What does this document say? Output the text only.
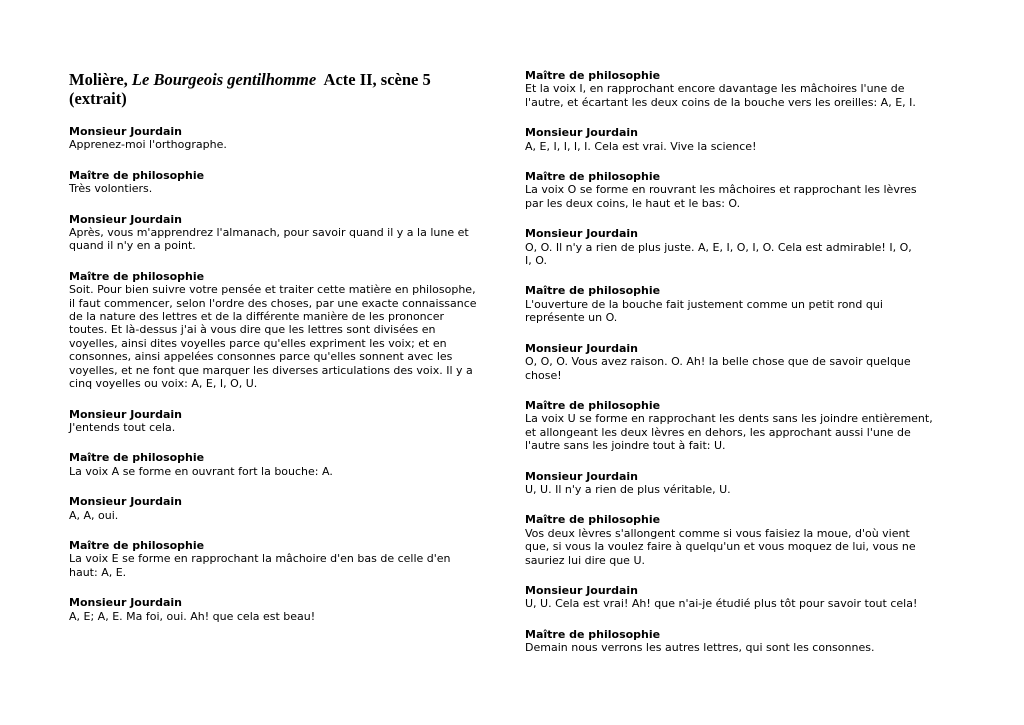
Molière, Le Bourgeois gentilhomme Acte II, scène 5
(extrait)
Monsieur Jourdain
Apprenez-moi l'orthographe.
Maître de philosophie
Très volontiers.
Monsieur Jourdain
Après, vous m'apprendrez l'almanach, pour savoir quand il y a la lune et
quand il n'y en a point.
Maître de philosophie
Soit. Pour bien suivre votre pensée et traiter cette matière en philosophe,
il faut commencer, selon l'ordre des choses, par une exacte connaissance
de la nature des lettres et de la différente manière de les prononcer
toutes. Et là-dessus j'ai à vous dire que les lettres sont divisées en
voyelles, ainsi dites voyelles parce qu'elles expriment les voix; et en
consonnes, ainsi appelées consonnes parce qu'elles sonnent avec les
voyelles, et ne font que marquer les diverses articulations des voix. Il y a
cinq voyelles ou voix: A, E, I, O, U.
Monsieur Jourdain
J'entends tout cela.
Maître de philosophie
La voix A se forme en ouvrant fort la bouche: A.
Monsieur Jourdain
A, A, oui.
Maître de philosophie
La voix E se forme en rapprochant la mâchoire d'en bas de celle d'en
haut: A, E.
Monsieur Jourdain
A, E; A, E. Ma foi, oui. Ah! que cela est beau!
Maître de philosophie
Et la voix I, en rapprochant encore davantage les mâchoires l'une de
l'autre, et écartant les deux coins de la bouche vers les oreilles: A, E, I.
Monsieur Jourdain
A, E, I, I, I, I. Cela est vrai. Vive la science!
Maître de philosophie
La voix O se forme en rouvrant les mâchoires et rapprochant les lèvres
par les deux coins, le haut et le bas: O.
Monsieur Jourdain
O, O. Il n'y a rien de plus juste. A, E, I, O, I, O. Cela est admirable! I, O,
I, O.
Maître de philosophie
L'ouverture de la bouche fait justement comme un petit rond qui
représente un O.
Monsieur Jourdain
O, O, O. Vous avez raison. O. Ah! la belle chose que de savoir quelque
chose!
Maître de philosophie
La voix U se forme en rapprochant les dents sans les joindre entièrement,
et allongeant les deux lèvres en dehors, les approchant aussi l'une de
l'autre sans les joindre tout à fait: U.
Monsieur Jourdain
U, U. Il n'y a rien de plus véritable, U.
Maître de philosophie
Vos deux lèvres s'allongent comme si vous faisiez la moue, d'où vient
que, si vous la voulez faire à quelqu'un et vous moquez de lui, vous ne
sauriez lui dire que U.
Monsieur Jourdain
U, U. Cela est vrai! Ah! que n'ai-je étudié plus tôt pour savoir tout cela!
Maître de philosophie
Demain nous verrons les autres lettres, qui sont les consonnes.
